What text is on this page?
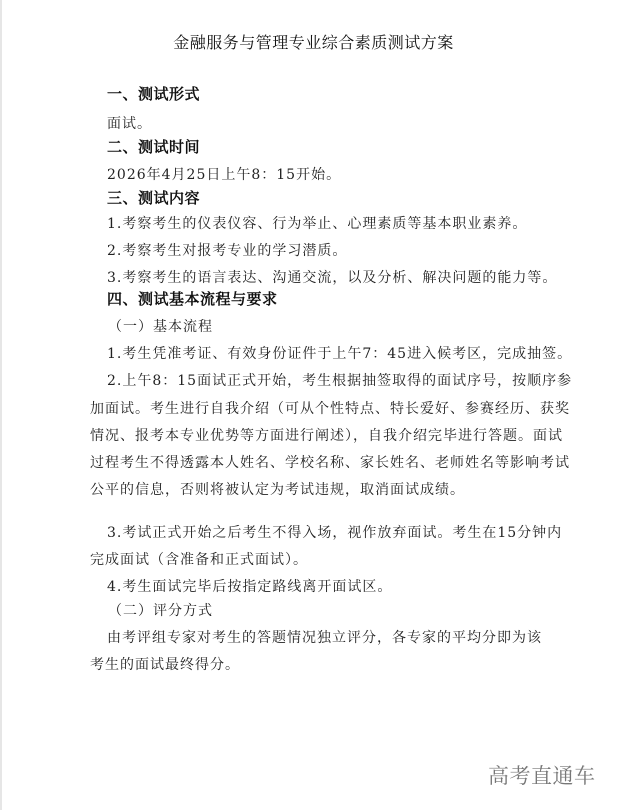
金融服务与管理专业综合素质测试方案
一、测试形式
面试。
二、测试时间
2026年4月25日上午8：15开始。
三、测试内容
1.考察考生的仪表仪容、行为举止、心理素质等基本职业素养。
2.考察考生对报考专业的学习潜质。
3.考察考生的语言表达、沟通交流，以及分析、解决问题的能力等。
四、测试基本流程与要求
（一）基本流程
1.考生凭准考证、有效身份证件于上午7：45进入候考区，完成抽签。
2.上午8：15面试正式开始，考生根据抽签取得的面试序号，按顺序参
加面试。考生进行自我介绍（可从个性特点、特长爱好、参赛经历、获奖
情况、报考本专业优势等方面进行阐述），自我介绍完毕进行答题。面试
过程考生不得透露本人姓名、学校名称、家长姓名、老师姓名等影响考试
公平的信息，否则将被认定为考试违规，取消面试成绩。
3.考试正式开始之后考生不得入场，视作放弃面试。考生在15分钟内
完成面试（含准备和正式面试）。
4.考生面试完毕后按指定路线离开面试区。
（二）评分方式
由考评组专家对考生的答题情况独立评分，各专家的平均分即为该
考生的面试最终得分。
高考直通车
